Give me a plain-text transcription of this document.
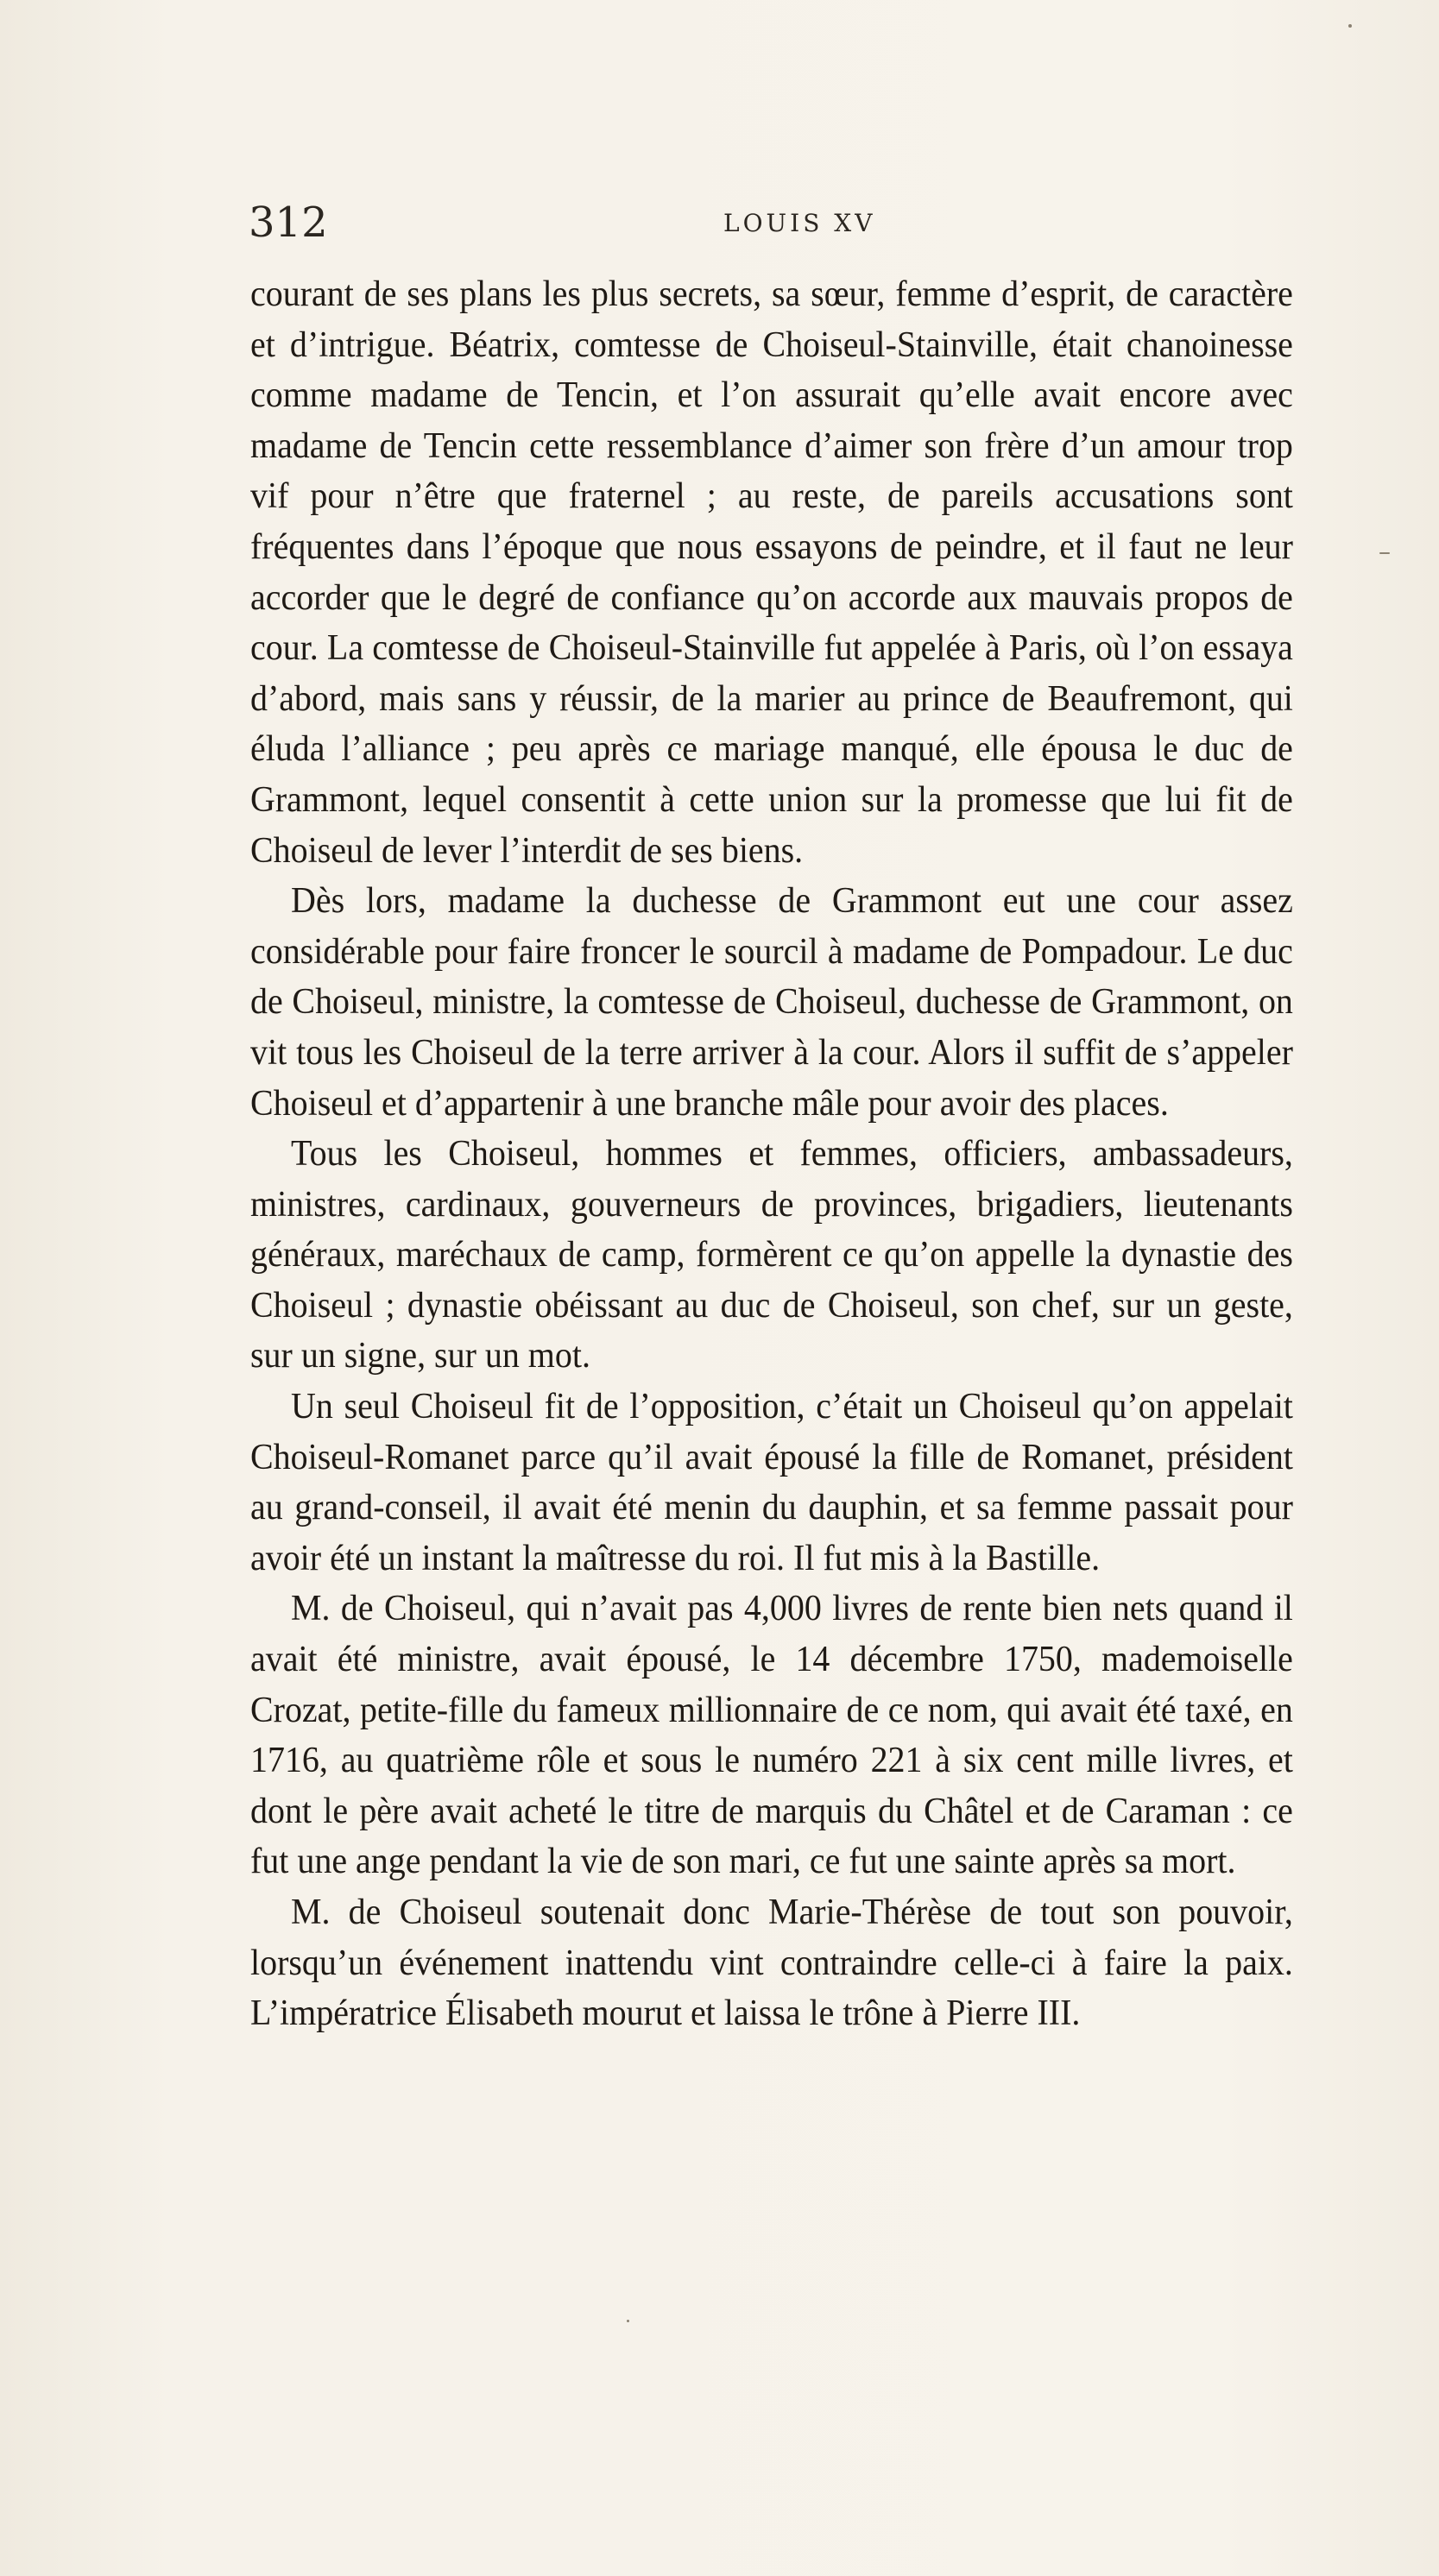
312	LOUIS XV

courant de ses plans les plus secrets, sa sœur, femme d’esprit, de caractère et d’intrigue. Béatrix, comtesse de Choiseul-Stainville, était chanoinesse comme madame de Tencin, et l’on assurait qu’elle avait encore avec madame de Tencin cette ressemblance d’aimer son frère d’un amour trop vif pour n’être que fraternel ; au reste, de pareils accusations sont fréquentes dans l’époque que nous essayons de peindre, et il faut ne leur accorder que le degré de confiance qu’on accorde aux mauvais propos de cour. La comtesse de Choiseul-Stainville fut appelée à Paris, où l’on essaya d’abord, mais sans y réussir, de la marier au prince de Beaufremont, qui éluda l’alliance ; peu après ce mariage manqué, elle épousa le duc de Grammont, lequel consentit à cette union sur la promesse que lui fit de Choiseul de lever l’interdit de ses biens.

Dès lors, madame la duchesse de Grammont eut une cour assez considérable pour faire froncer le sourcil à madame de Pompadour. Le duc de Choiseul, ministre, la comtesse de Choiseul, duchesse de Grammont, on vit tous les Choiseul de la terre arriver à la cour. Alors il suffit de s’appeler Choiseul et d’appartenir à une branche mâle pour avoir des places.

Tous les Choiseul, hommes et femmes, officiers, ambassadeurs, ministres, cardinaux, gouverneurs de provinces, brigadiers, lieutenants généraux, maréchaux de camp, formèrent ce qu’on appelle la dynastie des Choiseul ; dynastie obéissant au duc de Choiseul, son chef, sur un geste, sur un signe, sur un mot.

Un seul Choiseul fit de l’opposition, c’était un Choiseul qu’on appelait Choiseul-Romanet parce qu’il avait épousé la fille de Romanet, président au grand-conseil, il avait été menin du dauphin, et sa femme passait pour avoir été un instant la maîtresse du roi. Il fut mis à la Bastille.

M. de Choiseul, qui n’avait pas 4,000 livres de rente bien nets quand il avait été ministre, avait épousé, le 14 décembre 1750, mademoiselle Crozat, petite-fille du fameux millionnaire de ce nom, qui avait été taxé, en 1716, au quatrième rôle et sous le numéro 221 à six cent mille livres, et dont le père avait acheté le titre de marquis du Châtel et de Caraman : ce fut une ange pendant la vie de son mari, ce fut une sainte après sa mort.

M. de Choiseul soutenait donc Marie-Thérèse de tout son pouvoir, lorsqu’un événement inattendu vint contraindre celle-ci à faire la paix. L’impératrice Élisabeth mourut et laissa le trône à Pierre III.
